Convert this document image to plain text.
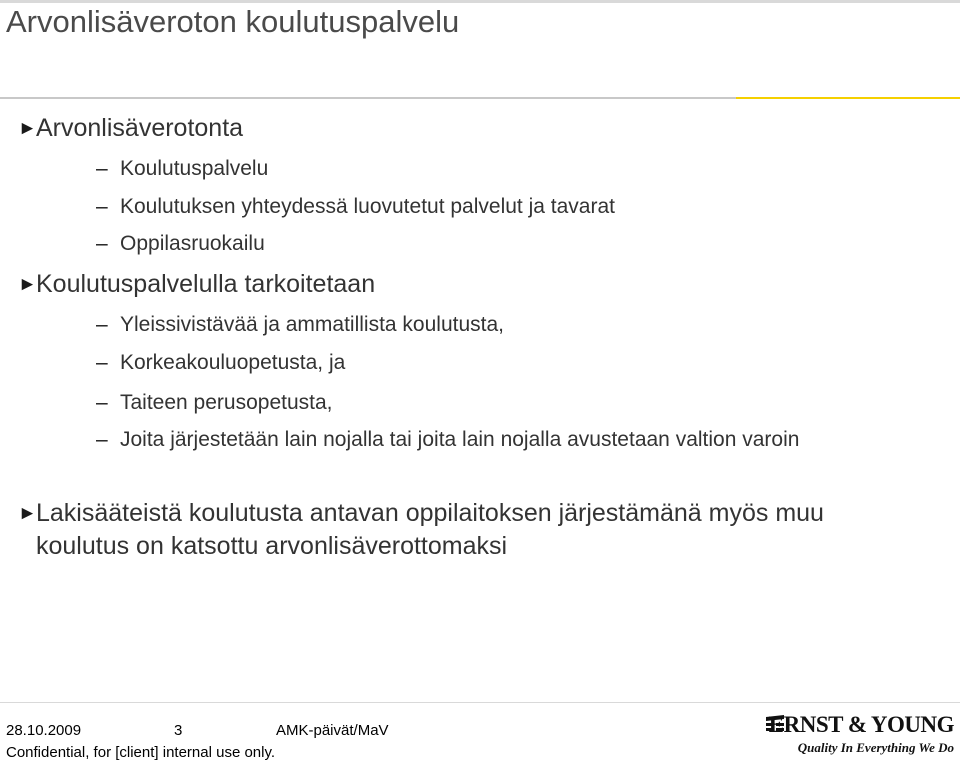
Arvonlisäveroton koulutuspalvelu
► Arvonlisäverotonta
– Koulutuspalvelu
– Koulutuksen yhteydessä luovutetut palvelut ja tavarat
– Oppilasruokailu
► Koulutuspalvelulla tarkoitetaan
– Yleissivistävää ja ammatillista koulutusta,
– Korkeakouluopetusta, ja
– Taiteen perusopetusta,
– Joita järjestetään lain nojalla tai joita lain nojalla avustetaan valtion varoin
► Lakisääteistä koulutusta antavan oppilaitoksen järjestämänä myös muu koulutus on katsottu arvonlisäverottomaksi
28.10.2009	3	AMK-päivät/MaV
Confidential, for [client] internal use only.
ERNST & YOUNG
Quality In Everything We Do
